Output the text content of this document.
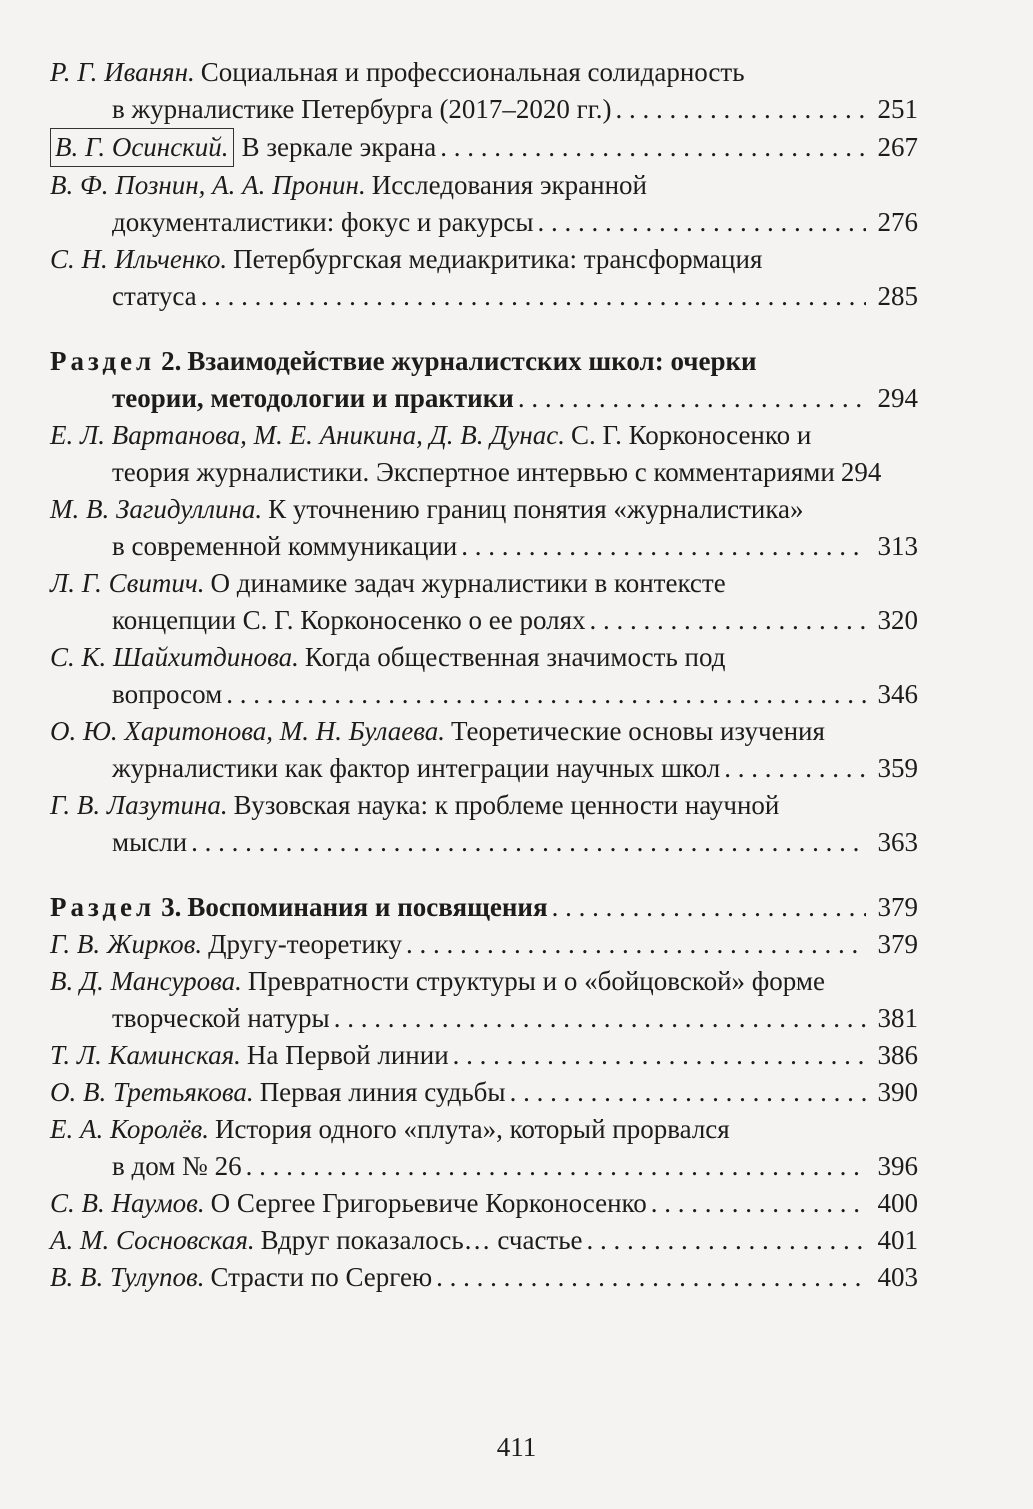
Р. Г. Иванян. Социальная и профессиональная солидарность
в журналистике Петербурга (2017–2020 гг.) . . .	251
В. Г. Осинский. В зеркале экрана . . .	267
В. Ф. Познин, А. А. Пронин. Исследования экранной
документалистики: фокус и ракурсы . . .	276
С. Н. Ильченко. Петербургская медиакритика: трансформация
статуса . . .	285
Раздел 2. Взаимодействие журналистских школ: очерки
теории, методологии и практики . . .	294
Е. Л. Вартанова, М. Е. Аникина, Д. В. Дунас. С. Г. Корконосенко и
теория журналистики. Экспертное интервью с комментариями 294
М. В. Загидуллина. К уточнению границ понятия «журналистика»
в современной коммуникации . . .	313
Л. Г. Свитич. О динамике задач журналистики в контексте
концепции С. Г. Корконосенко о ее ролях . . .	320
С. К. Шайхитдинова. Когда общественная значимость под
вопросом . . .	346
О. Ю. Харитонова, М. Н. Булаева. Теоретические основы изучения
журналистики как фактор интеграции научных школ . . .	359
Г. В. Лазутина. Вузовская наука: к проблеме ценности научной
мысли . . .	363
Раздел 3. Воспоминания и посвящения . . .	379
Г. В. Жирков. Другу-теоретику . . .	379
В. Д. Мансурова. Превратности структуры и о «бойцовской» форме
творческой натуры . . .	381
Т. Л. Каминская. На Первой линии . . .	386
О. В. Третьякова. Первая линия судьбы . . .	390
Е. А. Королёв. История одного «плута», который прорвался
в дом № 26 . . .	396
С. В. Наумов. О Сергее Григорьевиче Корконосенко . . .	400
А. М. Сосновская. Вдруг показалось… счастье . . .	401
В. В. Тулупов. Страсти по Сергею . . .	403
411
